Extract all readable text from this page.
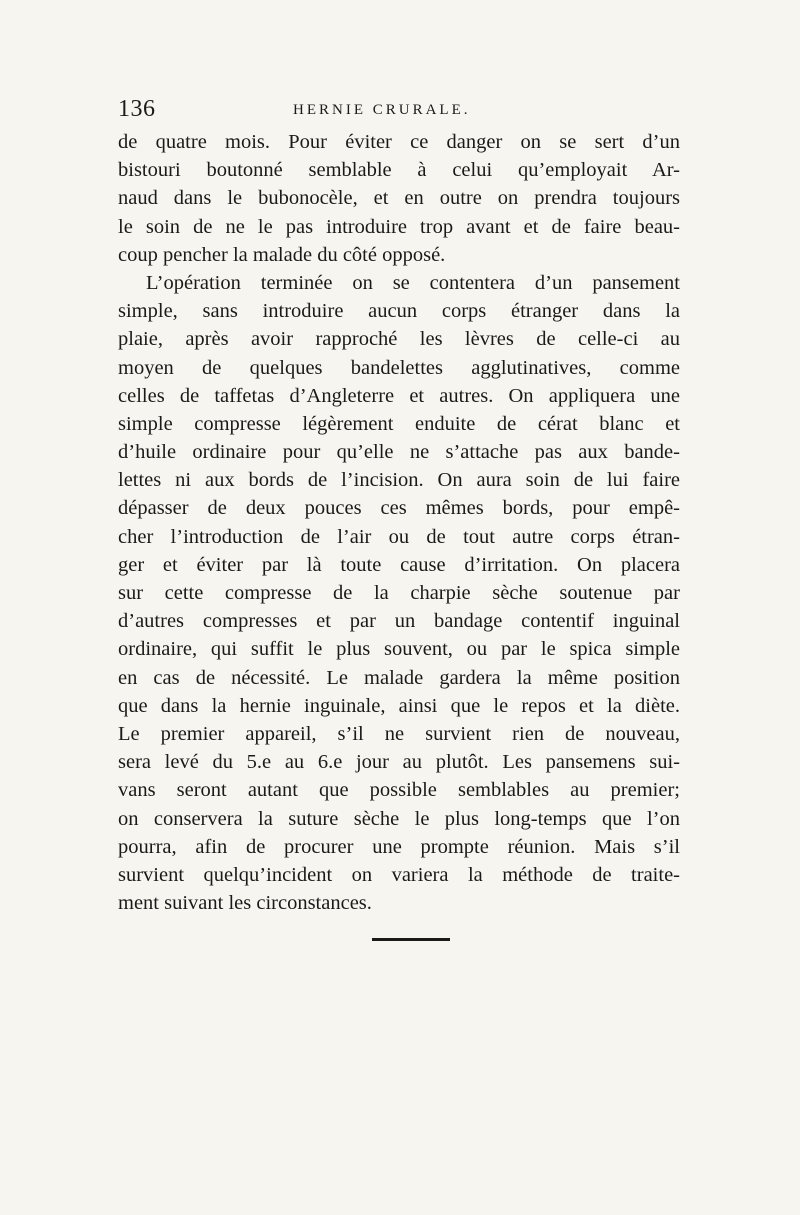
136	HERNIE CRURALE.
de quatre mois. Pour éviter ce danger on se sert d’un
bistouri boutonné semblable à celui qu’employait Ar-
naud dans le bubonocèle, et en outre on prendra toujours
le soin de ne le pas introduire trop avant et de faire beau-
coup pencher la malade du côté opposé.
L’opération terminée on se contentera d’un pansement
simple, sans introduire aucun corps étranger dans la
plaie, après avoir rapproché les lèvres de celle-ci au
moyen de quelques bandelettes agglutinatives, comme
celles de taffetas d’Angleterre et autres. On appliquera une
simple compresse légèrement enduite de cérat blanc et
d’huile ordinaire pour qu’elle ne s’attache pas aux bande-
lettes ni aux bords de l’incision. On aura soin de lui faire
dépasser de deux pouces ces mêmes bords, pour empê-
cher l’introduction de l’air ou de tout autre corps étran-
ger et éviter par là toute cause d’irritation. On placera
sur cette compresse de la charpie sèche soutenue par
d’autres compresses et par un bandage contentif inguinal
ordinaire, qui suffit le plus souvent, ou par le spica simple
en cas de nécessité. Le malade gardera la même position
que dans la hernie inguinale, ainsi que le repos et la diète.
Le premier appareil, s’il ne survient rien de nouveau,
sera levé du 5.e au 6.e jour au plutôt. Les pansemens sui-
vans seront autant que possible semblables au premier;
on conservera la suture sèche le plus long-temps que l’on
pourra, afin de procurer une prompte réunion. Mais s’il
survient quelqu’incident on variera la méthode de traite-
ment suivant les circonstances.
